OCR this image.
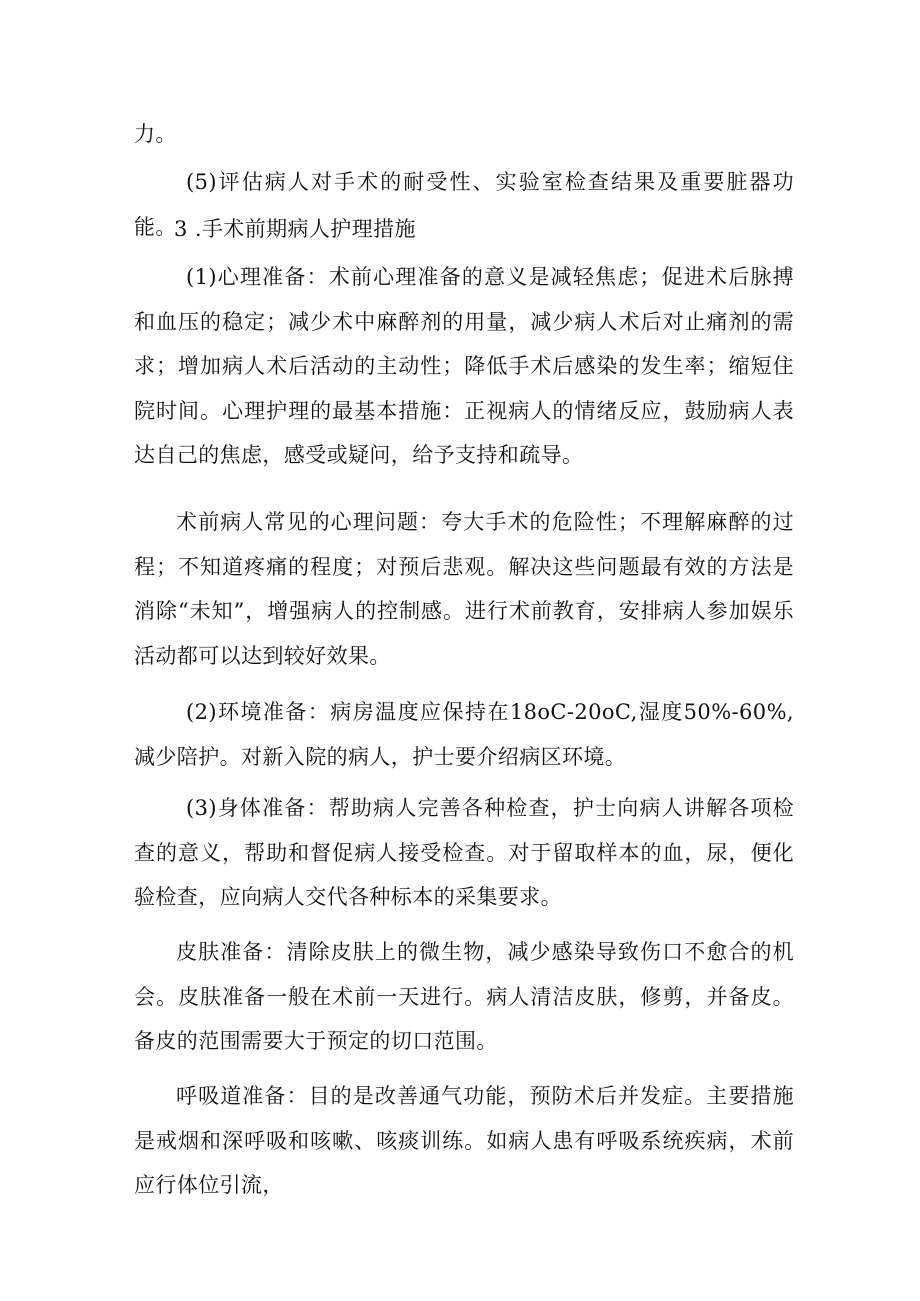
力。

(5)评估病人对手术的耐受性、实验室检查结果及重要脏器功能。

3 .手术前期病人护理措施

(1)心理准备：术前心理准备的意义是减轻焦虑；促进术后脉搏和血压的稳定；减少术中麻醉剂的用量，减少病人术后对止痛剂的需求；增加病人术后活动的主动性；降低手术后感染的发生率；缩短住院时间。心理护理的最基本措施：正视病人的情绪反应，鼓励病人表达自己的焦虑，感受或疑问，给予支持和疏导。

术前病人常见的心理问题：夸大手术的危险性；不理解麻醉的过程；不知道疼痛的程度；对预后悲观。解决这些问题最有效的方法是消除“未知”，增强病人的控制感。进行术前教育，安排病人参加娱乐活动都可以达到较好效果。

(2)环境准备：病房温度应保持在18oC-20oC,湿度50%-60%,减少陪护。对新入院的病人，护士要介绍病区环境。

(3)身体准备：帮助病人完善各种检查，护士向病人讲解各项检查的意义，帮助和督促病人接受检查。对于留取样本的血，尿，便化验检查，应向病人交代各种标本的采集要求。

皮肤准备：清除皮肤上的微生物，减少感染导致伤口不愈合的机会。皮肤准备一般在术前一天进行。病人清洁皮肤，修剪，并备皮。备皮的范围需要大于预定的切口范围。

呼吸道准备：目的是改善通气功能，预防术后并发症。主要措施是戒烟和深呼吸和咳嗽、咳痰训练。如病人患有呼吸系统疾病，术前应行体位引流，
